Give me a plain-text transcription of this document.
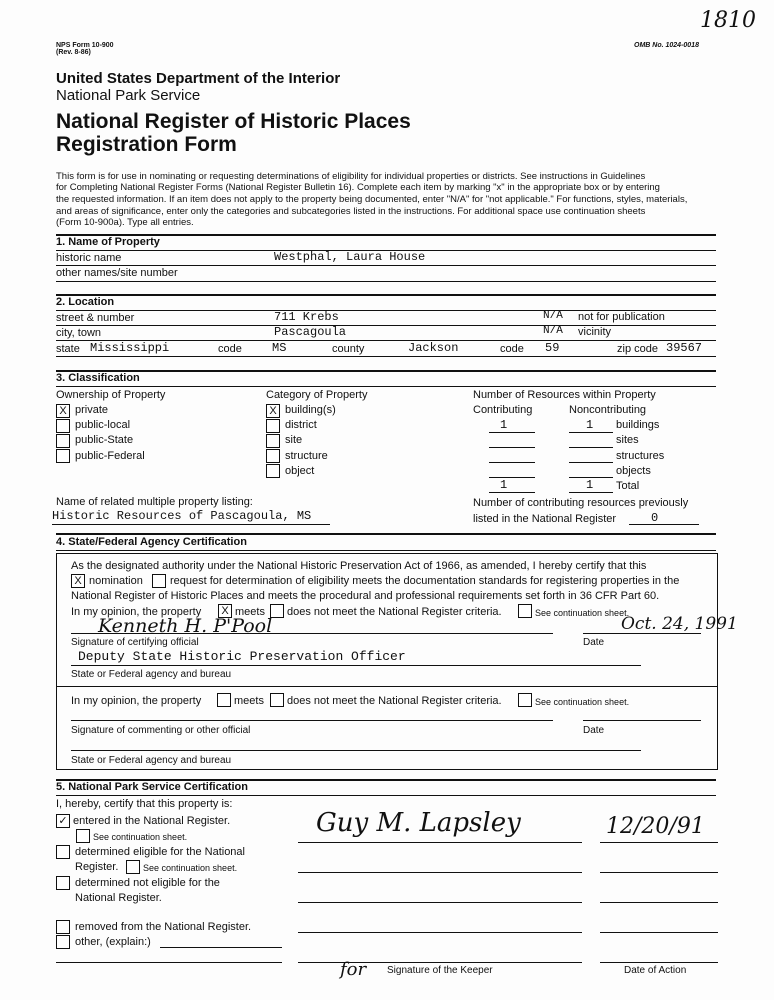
1810
NPS Form 10-900
(Rev. 8-86)
OMB No. 1024-0018
United States Department of the Interior
National Park Service
National Register of Historic Places
Registration Form
This form is for use in nominating or requesting determinations of eligibility for individual properties or districts. See instructions in Guidelines
for Completing National Register Forms (National Register Bulletin 16). Complete each item by marking "x" in the appropriate box or by entering
the requested information. If an item does not apply to the property being documented, enter "N/A" for "not applicable." For functions, styles, materials,
and areas of significance, enter only the categories and subcategories listed in the instructions. For additional space use continuation sheets
(Form 10-900a). Type all entries.
1. Name of Property
historic name	Westphal, Laura House
other names/site number
2. Location
street & number	711 Krebs	N/A not for publication
city, town	Pascagoula	N/A vicinity
state Mississippi	code	MS	county	Jackson	code 59	zip code 39567
3. Classification
Ownership of Property
X private
public-local
public-State
public-Federal
Category of Property
X building(s)
district
site
structure
object
Number of Resources within Property
Contributing	Noncontributing
1	1 buildings
sites
structures
objects
1	1 Total
Name of related multiple property listing:
Historic Resources of Pascagoula, MS
Number of contributing resources previously
listed in the National Register	0
4. State/Federal Agency Certification
As the designated authority under the National Historic Preservation Act of 1966, as amended, I hereby certify that this
X nomination request for determination of eligibility meets the documentation standards for registering properties in the
National Register of Historic Places and meets the procedural and professional requirements set forth in 36 CFR Part 60.
In my opinion, the property	X meets does not meet the National Register criteria.	See continuation sheet.
Kenneth H. P'Pool	Oct. 24, 1991
Signature of certifying official	Date
Deputy State Historic Preservation Officer
State or Federal agency and bureau
In my opinion, the property	meets does not meet the National Register criteria.	See continuation sheet.
Signature of commenting or other official	Date
State or Federal agency and bureau
5. National Park Service Certification
I, hereby, certify that this property is:
✓ entered in the National Register.
See continuation sheet.
determined eligible for the National
Register.	See continuation sheet.
determined not eligible for the
National Register.
removed from the National Register.
other, (explain:)
Guy M. Lapsley	12/20/91
for Signature of the Keeper	Date of Action
